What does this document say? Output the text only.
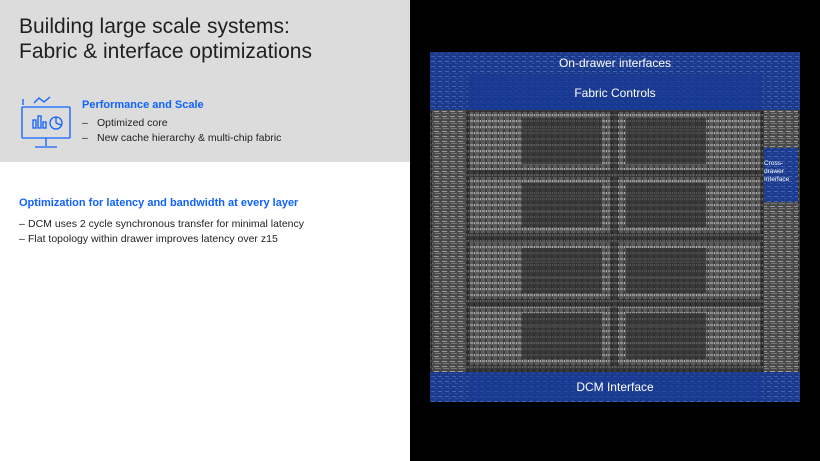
Building large scale systems:
Fabric & interface optimizations
Performance and Scale
– Optimized core
– New cache hierarchy & multi-chip fabric
Optimization for latency and bandwidth at every layer
– DCM uses 2 cycle synchronous transfer for minimal latency
– Flat topology within drawer improves latency over z15
On-drawer interfaces
Fabric Controls
Cross-
drawer
Interface
DCM Interface
